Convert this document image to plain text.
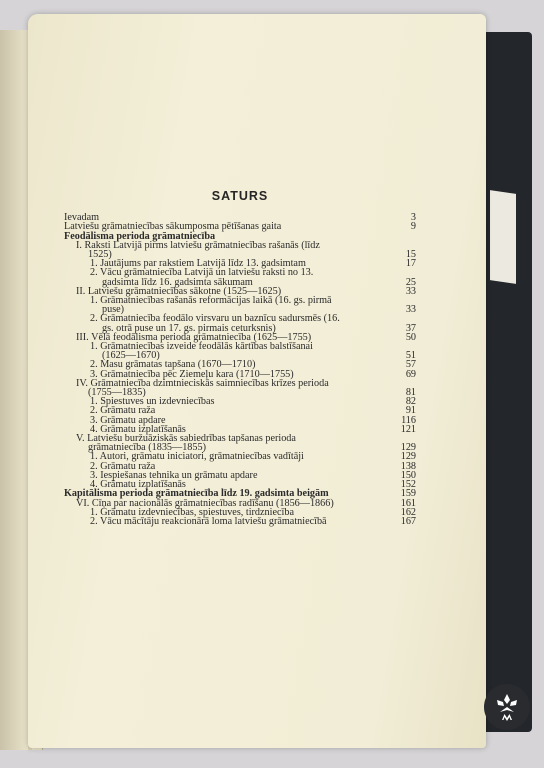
SATURS
Ievadam	3
Latviešu grāmatniecības sākumposma pētīšanas gaita	9
Feodālisma perioda grāmatniecība
I. Raksti Latvijā pirms latviešu grāmatniecības rašanās (līdz
1525)	15
1. Jautājums par rakstiem Latvijā līdz 13. gadsimtam	17
2. Vācu grāmatniecība Latvijā un latviešu raksti no 13.
gadsimta līdz 16. gadsimta sākumam	25
II. Latviešu grāmatniecības sākotne (1525—1625)	33
1. Grāmatniecības rašanās reformācijas laikā (16. gs. pirmā
puse)	33
2. Grāmatniecība feodālo virsvaru un baznīcu sadursmēs (16.
gs. otrā puse un 17. gs. pirmais ceturksnis)	37
III. Vēlā feodālisma perioda grāmatniecība (1625—1755)	50
1. Grāmatniecības izveide feodālās kārtības balstīšanai
(1625—1670)	51
2. Masu grāmatas tapšana (1670—1710)	57
3. Grāmatniecība pēc Ziemeļu kara (1710—1755)	69
IV. Grāmatniecība dzimtnieciskās saimniecības krīzes perioda
(1755—1835)	81
1. Spiestuves un izdevniecības	82
2. Grāmatu raža	91
3. Grāmatu apdare	116
4. Grāmatu izplatīšanās	121
V. Latviešu buržuāziskās sabiedrības tapšanas perioda
grāmatniecība (1835—1855)	129
1. Autori, grāmatu iniciatori, grāmatniecības vadītāji	129
2. Grāmatu raža	138
3. Iespiešanas tehnika un grāmatu apdare	150
4. Grāmatu izplatīšanās	152
Kapitālisma perioda grāmatniecība līdz 19. gadsimta beigām	159
VI. Cīņa par nacionālās grāmatniecības radīšanu (1856—1866)	161
1. Grāmatu izdevniecības, spiestuves, tirdzniecība	162
2. Vācu mācītāju reakcionārā loma latviešu grāmatniecībā	167
